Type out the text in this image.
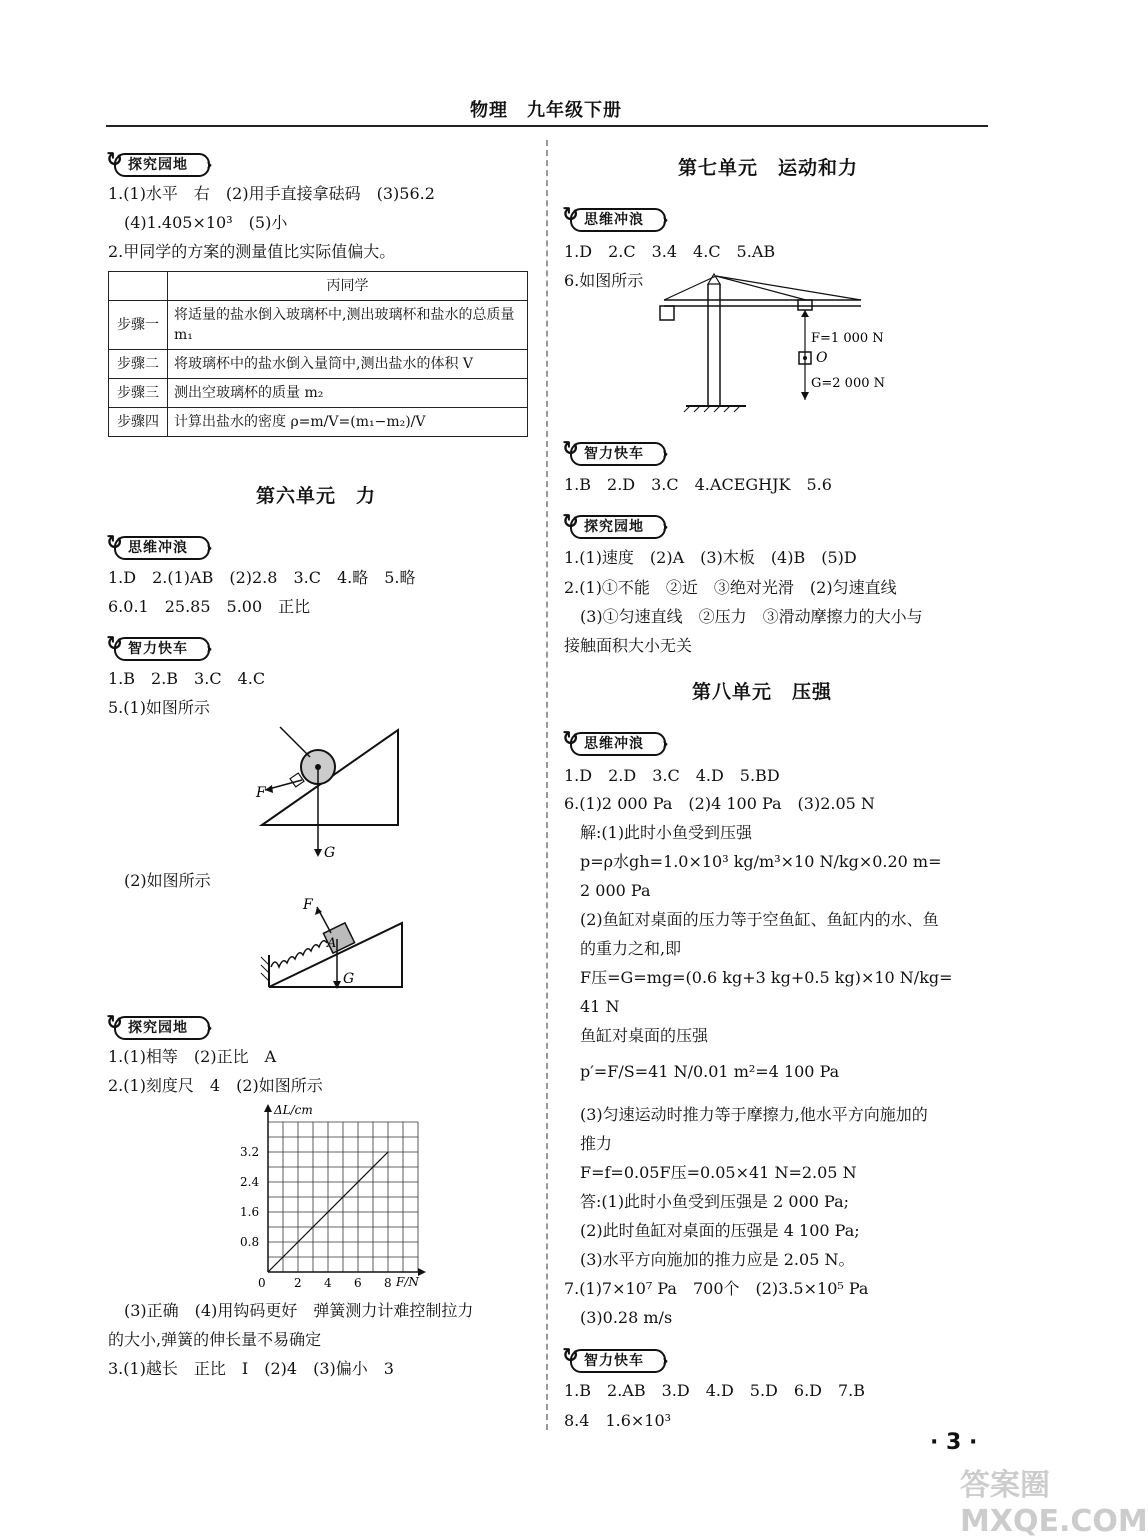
物理　九年级下册
↻ 探究园地 ›
1.(1)水平　右　(2)用手直接拿砝码　(3)56.2
(4)1.405×10³　(5)小
2.甲同学的方案的测量值比实际值偏大。
	丙同学
步骤一	将适量的盐水倒入玻璃杯中,测出玻璃杯和盐水的总质量 m₁
步骤二	将玻璃杯中的盐水倒入量筒中,测出盐水的体积 V
步骤三	测出空玻璃杯的质量 m₂
步骤四	计算出盐水的密度 ρ=m/V=(m₁−m₂)/V
第六单元　力
↻ 思维冲浪 ›
1.D　2.(1)AB　(2)2.8　3.C　4.略　5.略
6.0.1　25.85　5.00　正比
↻ 智力快车 ›
1.B　2.B　3.C　4.C
5.(1)如图所示
F
G
(2)如图所示
F
A
G
↻ 探究园地 ›
1.(1)相等　(2)正比　A
2.(1)刻度尺　4　(2)如图所示
ΔL/cm
F/N
0 2 4 6 8
0.8
1.6
2.4
3.2
(3)正确　(4)用钩码更好　弹簧测力计难控制拉力
的大小,弹簧的伸长量不易确定
3.(1)越长　正比　Ⅰ　(2)4　(3)偏小　3
第七单元　运动和力
↻ 思维冲浪 ›
1.D　2.C　3.4　4.C　5.AB
6.如图所示
F=1 000 N
O
G=2 000 N
↻ 智力快车 ›
1.B　2.D　3.C　4.ACEGHJK　5.6
↻ 探究园地 ›
1.(1)速度　(2)A　(3)木板　(4)B　(5)D
2.(1)①不能　②近　③绝对光滑　(2)匀速直线
(3)①匀速直线　②压力　③滑动摩擦力的大小与
接触面积大小无关
第八单元　压强
↻ 思维冲浪 ›
1.D　2.D　3.C　4.D　5.BD
6.(1)2 000 Pa　(2)4 100 Pa　(3)2.05 N
解:(1)此时小鱼受到压强
p=ρ水gh=1.0×10³ kg/m³×10 N/kg×0.20 m=
2 000 Pa
(2)鱼缸对桌面的压力等于空鱼缸、鱼缸内的水、鱼
的重力之和,即
F压=G=mg=(0.6 kg+3 kg+0.5 kg)×10 N/kg=
41 N
鱼缸对桌面的压强
p′=F/S=41 N/0.01 m²=4 100 Pa
(3)匀速运动时推力等于摩擦力,他水平方向施加的
推力
F=f=0.05F压=0.05×41 N=2.05 N
答:(1)此时小鱼受到压强是 2 000 Pa;
(2)此时鱼缸对桌面的压强是 4 100 Pa;
(3)水平方向施加的推力应是 2.05 N。
7.(1)7×10⁷ Pa　700个　(2)3.5×10⁵ Pa
(3)0.28 m/s
↻ 智力快车 ›
1.B　2.AB　3.D　4.D　5.D　6.D　7.B
8.4　1.6×10³
· 3 ·
答案圈 MXQE.COM
